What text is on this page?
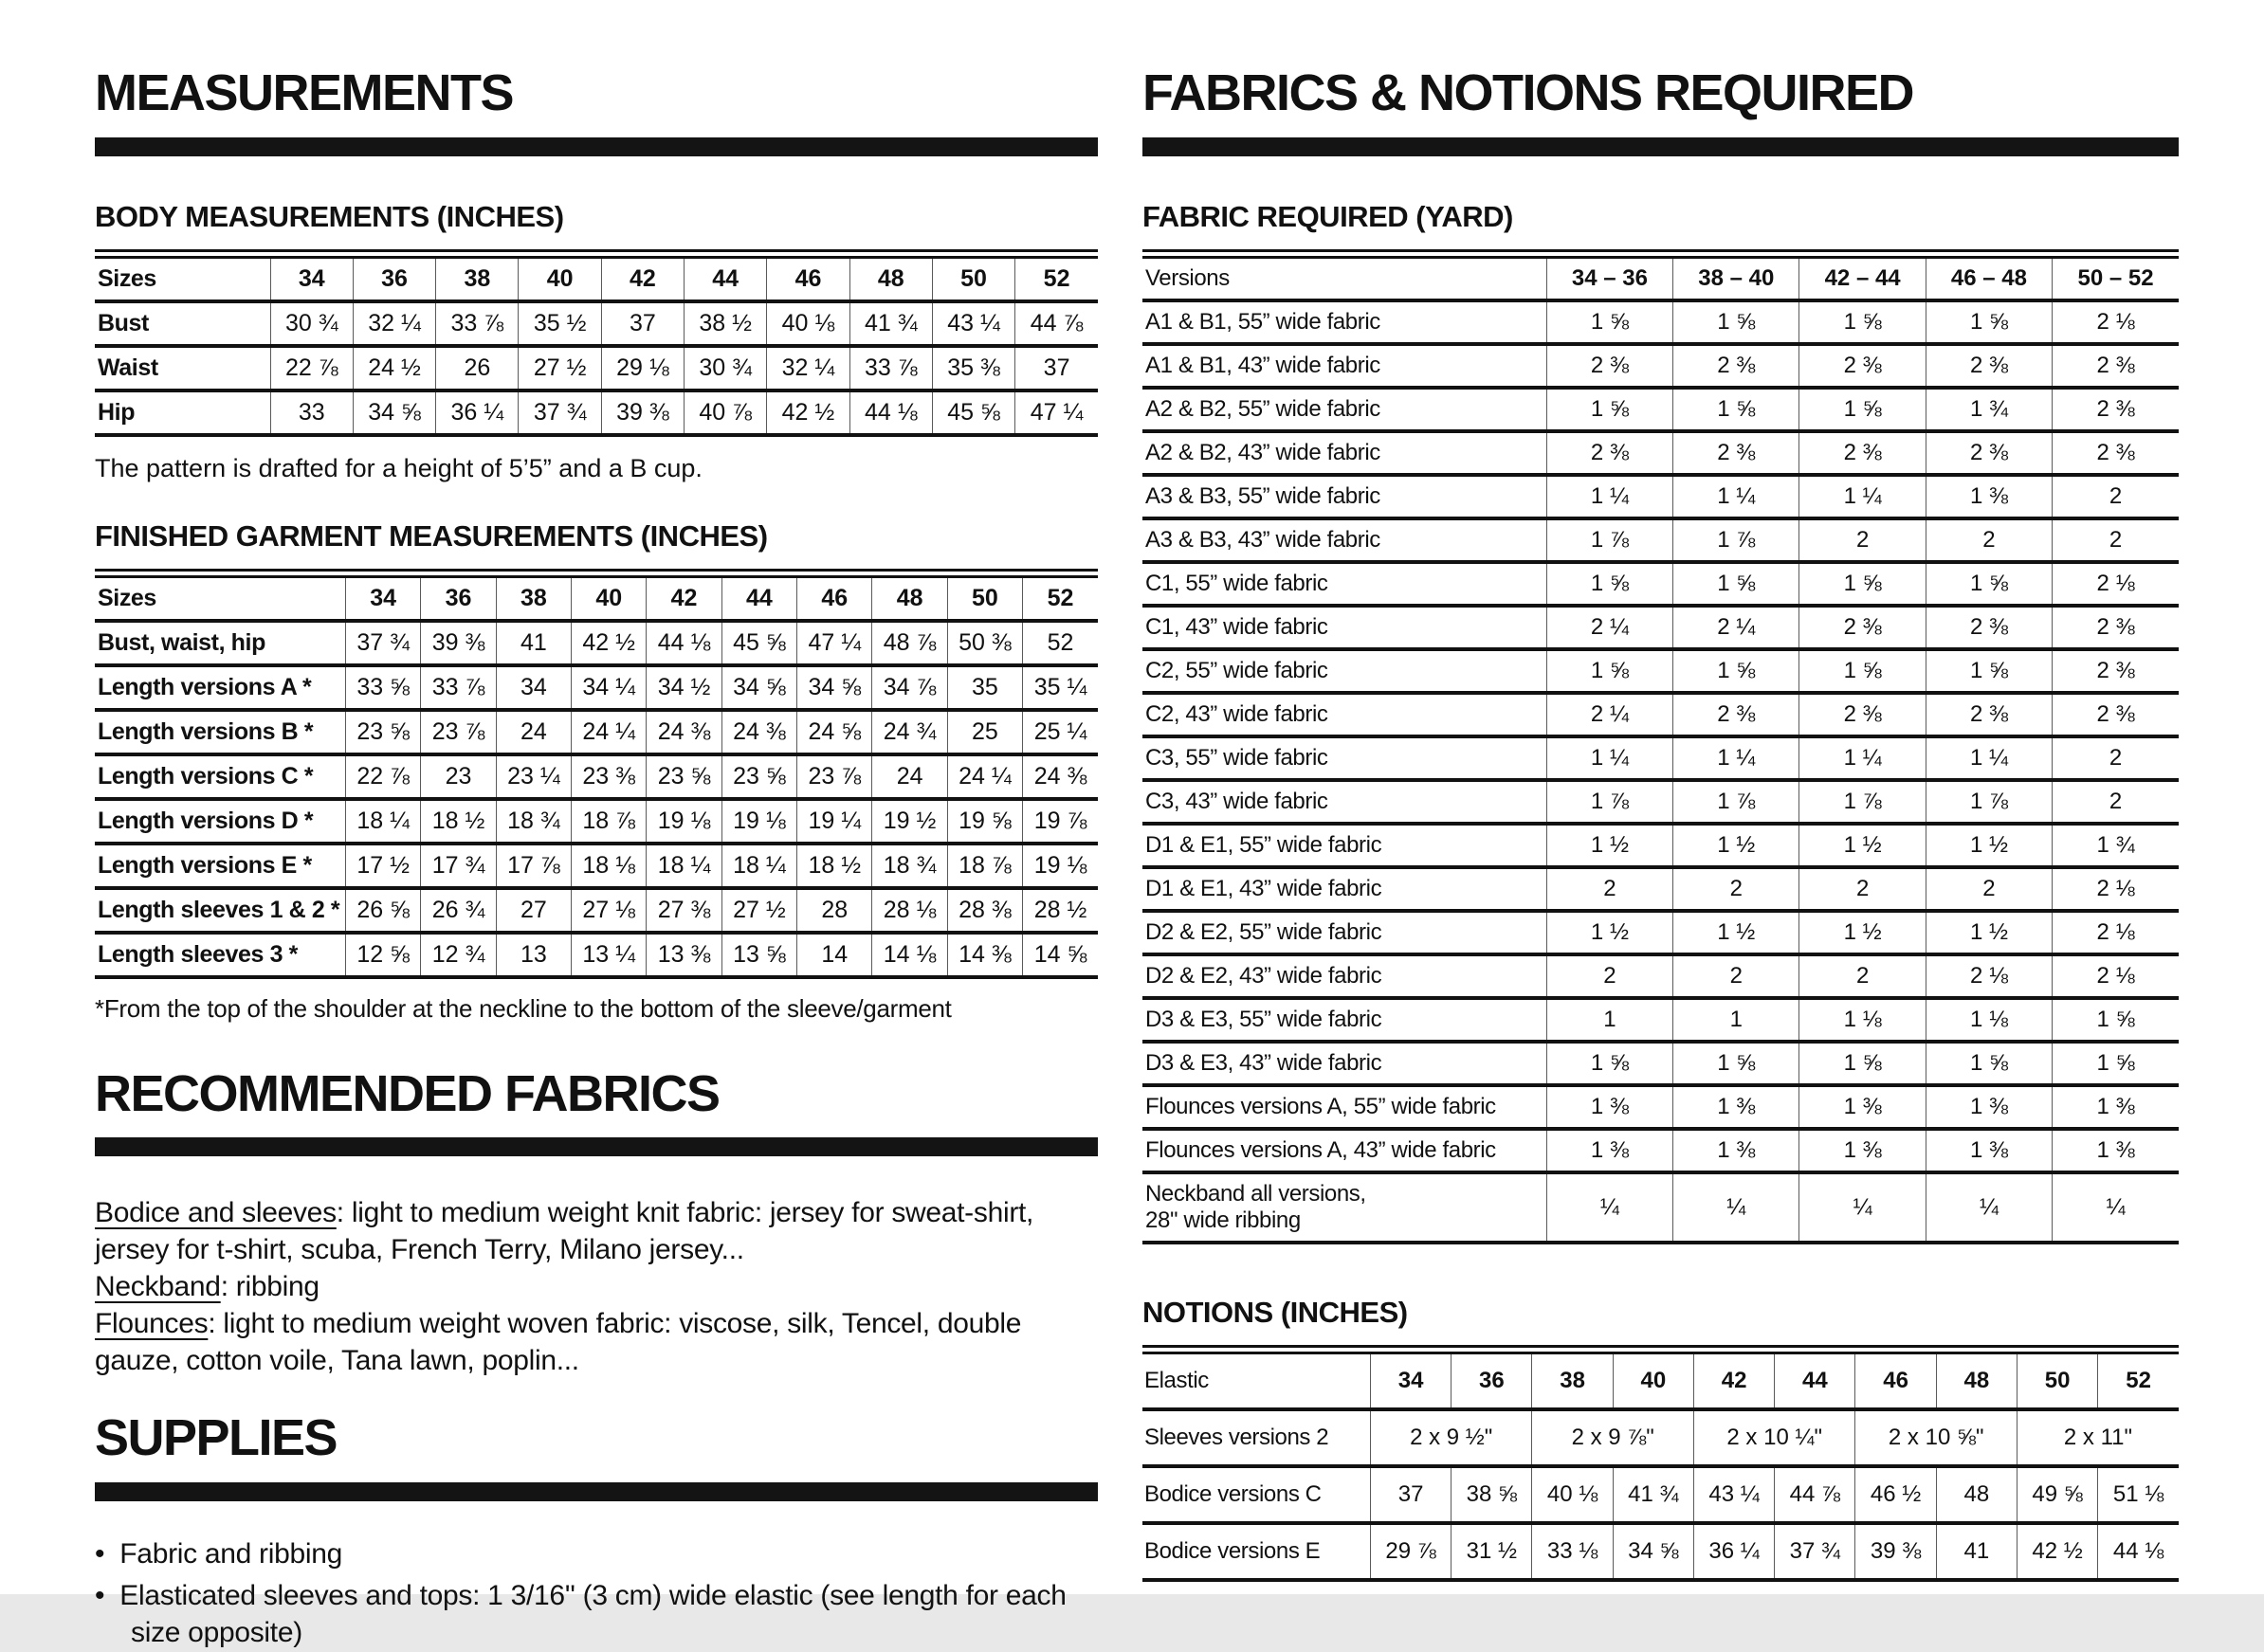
MEASUREMENTS
BODY MEASUREMENTS (INCHES)
Sizes	34	36	38	40	42	44	46	48	50	52
Bust	30 ¾	32 ¼	33 ⅞	35 ½	37	38 ½	40 ⅛	41 ¾	43 ¼	44 ⅞
Waist	22 ⅞	24 ½	26	27 ½	29 ⅛	30 ¾	32 ¼	33 ⅞	35 ⅜	37
Hip	33	34 ⅝	36 ¼	37 ¾	39 ⅜	40 ⅞	42 ½	44 ⅛	45 ⅝	47 ¼
The pattern is drafted for a height of 5’5” and a B cup.
FINISHED GARMENT MEASUREMENTS (INCHES)
Sizes	34	36	38	40	42	44	46	48	50	52
Bust, waist, hip	37 ¾	39 ⅜	41	42 ½	44 ⅛	45 ⅝	47 ¼	48 ⅞	50 ⅜	52
Length versions A *	33 ⅝	33 ⅞	34	34 ¼	34 ½	34 ⅝	34 ⅝	34 ⅞	35	35 ¼
Length versions B *	23 ⅝	23 ⅞	24	24 ¼	24 ⅜	24 ⅜	24 ⅝	24 ¾	25	25 ¼
Length versions C *	22 ⅞	23	23 ¼	23 ⅜	23 ⅝	23 ⅝	23 ⅞	24	24 ¼	24 ⅜
Length versions D *	18 ¼	18 ½	18 ¾	18 ⅞	19 ⅛	19 ⅛	19 ¼	19 ½	19 ⅝	19 ⅞
Length versions E *	17 ½	17 ¾	17 ⅞	18 ⅛	18 ¼	18 ¼	18 ½	18 ¾	18 ⅞	19 ⅛
Length sleeves 1 & 2 *	26 ⅝	26 ¾	27	27 ⅛	27 ⅜	27 ½	28	28 ⅛	28 ⅜	28 ½
Length sleeves 3 *	12 ⅝	12 ¾	13	13 ¼	13 ⅜	13 ⅝	14	14 ⅛	14 ⅜	14 ⅝
*From the top of the shoulder at the neckline to the bottom of the sleeve/garment
RECOMMENDED FABRICS
Bodice and sleeves: light to medium weight knit fabric: jersey for sweat-shirt, jersey for t-shirt, scuba, French Terry, Milano jersey...
Neckband: ribbing
Flounces: light to medium weight woven fabric: viscose, silk, Tencel, double gauze, cotton voile, Tana lawn, poplin...
SUPPLIES
•  Fabric and ribbing
•  Elasticated sleeves and tops: 1 3/16'' (3 cm) wide elastic (see length for each size opposite)
FABRICS & NOTIONS REQUIRED
FABRIC REQUIRED (YARD)
Versions	34 – 36	38 – 40	42 – 44	46 – 48	50 – 52
A1 & B1, 55” wide fabric	1 ⅝	1 ⅝	1 ⅝	1 ⅝	2 ⅛
A1 & B1, 43” wide fabric	2 ⅜	2 ⅜	2 ⅜	2 ⅜	2 ⅜
A2 & B2, 55” wide fabric	1 ⅝	1 ⅝	1 ⅝	1 ¾	2 ⅜
A2 & B2, 43” wide fabric	2 ⅜	2 ⅜	2 ⅜	2 ⅜	2 ⅜
A3 & B3, 55” wide fabric	1 ¼	1 ¼	1 ¼	1 ⅜	2
A3 & B3, 43” wide fabric	1 ⅞	1 ⅞	2	2	2
C1, 55” wide fabric	1 ⅝	1 ⅝	1 ⅝	1 ⅝	2 ⅛
C1, 43” wide fabric	2 ¼	2 ¼	2 ⅜	2 ⅜	2 ⅜
C2, 55” wide fabric	1 ⅝	1 ⅝	1 ⅝	1 ⅝	2 ⅜
C2, 43” wide fabric	2 ¼	2 ⅜	2 ⅜	2 ⅜	2 ⅜
C3, 55” wide fabric	1 ¼	1 ¼	1 ¼	1 ¼	2
C3, 43” wide fabric	1 ⅞	1 ⅞	1 ⅞	1 ⅞	2
D1 & E1, 55” wide fabric	1 ½	1 ½	1 ½	1 ½	1 ¾
D1 & E1, 43” wide fabric	2	2	2	2	2 ⅛
D2 & E2, 55” wide fabric	1 ½	1 ½	1 ½	1 ½	2 ⅛
D2 & E2, 43” wide fabric	2	2	2	2 ⅛	2 ⅛
D3 & E3, 55” wide fabric	1	1	1 ⅛	1 ⅛	1 ⅝
D3 & E3, 43” wide fabric	1 ⅝	1 ⅝	1 ⅝	1 ⅝	1 ⅝
Flounces versions A, 55” wide fabric	1 ⅜	1 ⅜	1 ⅜	1 ⅜	1 ⅜
Flounces versions A, 43” wide fabric	1 ⅜	1 ⅜	1 ⅜	1 ⅜	1 ⅜
Neckband all versions,
28'' wide ribbing	¼	¼	¼	¼	¼
NOTIONS (INCHES)
Elastic	34	36	38	40	42	44	46	48	50	52
Sleeves versions 2	2 x 9 ½"		2 x 9 ⅞"		2 x 10 ¼"		2 x 10 ⅝"		2 x 11"	
Bodice versions C	37	38 ⅝	40 ⅛	41 ¾	43 ¼	44 ⅞	46 ½	48	49 ⅝	51 ⅛
Bodice versions E	29 ⅞	31 ½	33 ⅛	34 ⅝	36 ¼	37 ¾	39 ⅜	41	42 ½	44 ⅛
